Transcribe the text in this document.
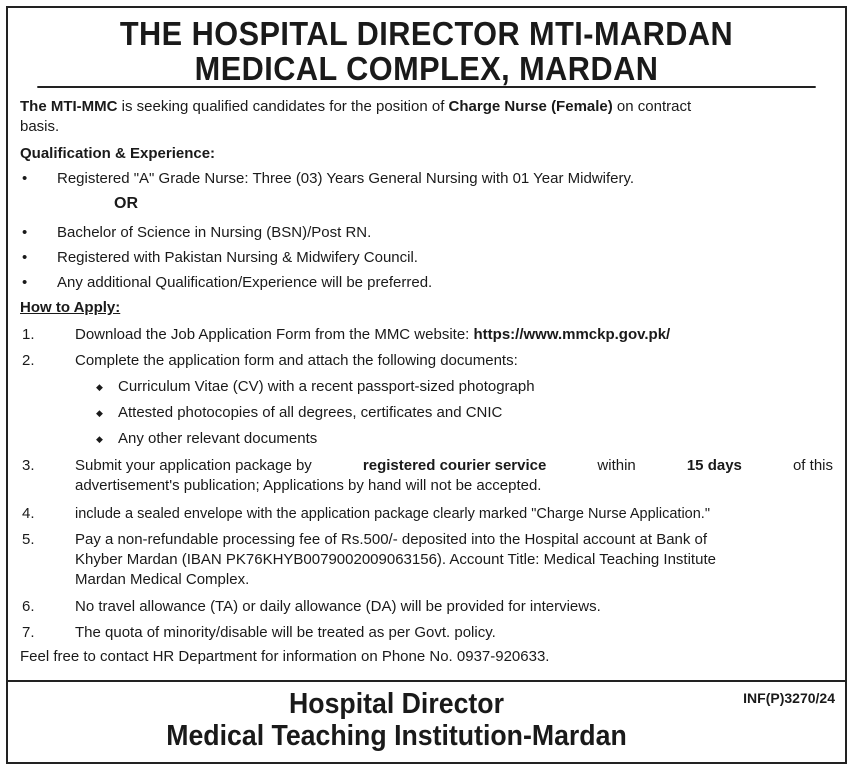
THE HOSPITAL DIRECTOR MTI-MARDAN
MEDICAL COMPLEX, MARDAN
The MTI-MMC is seeking qualified candidates for the position of Charge Nurse (Female) on contract
basis.
Qualification & Experience:
• Registered "A" Grade Nurse: Three (03) Years General Nursing with 01 Year Midwifery.
OR
• Bachelor of Science in Nursing (BSN)/Post RN.
• Registered with Pakistan Nursing & Midwifery Council.
• Any additional Qualification/Experience will be preferred.
How to Apply:
1.	Download the Job Application Form from the MMC website: https://www.mmckp.gov.pk/
2.	Complete the application form and attach the following documents:
◆ Curriculum Vitae (CV) with a recent passport-sized photograph
◆ Attested photocopies of all degrees, certificates and CNIC
◆ Any other relevant documents
3.	Submit your application package by	registered courier service	within	15 days	of this
advertisement's publication; Applications by hand will not be accepted.
4.	include a sealed envelope with the application package clearly marked "Charge Nurse Application."
5.	Pay a non-refundable processing fee of Rs.500/- deposited into the Hospital account at Bank of
Khyber Mardan (IBAN PK76KHYB0079002009063156). Account Title: Medical Teaching Institute
Mardan Medical Complex.
6.	No travel allowance (TA) or daily allowance (DA) will be provided for interviews.
7.	The quota of minority/disable will be treated as per Govt. policy.
Feel free to contact HR Department for information on Phone No. 0937-920633.
Hospital Director
Medical Teaching Institution-Mardan
INF(P)3270/24
